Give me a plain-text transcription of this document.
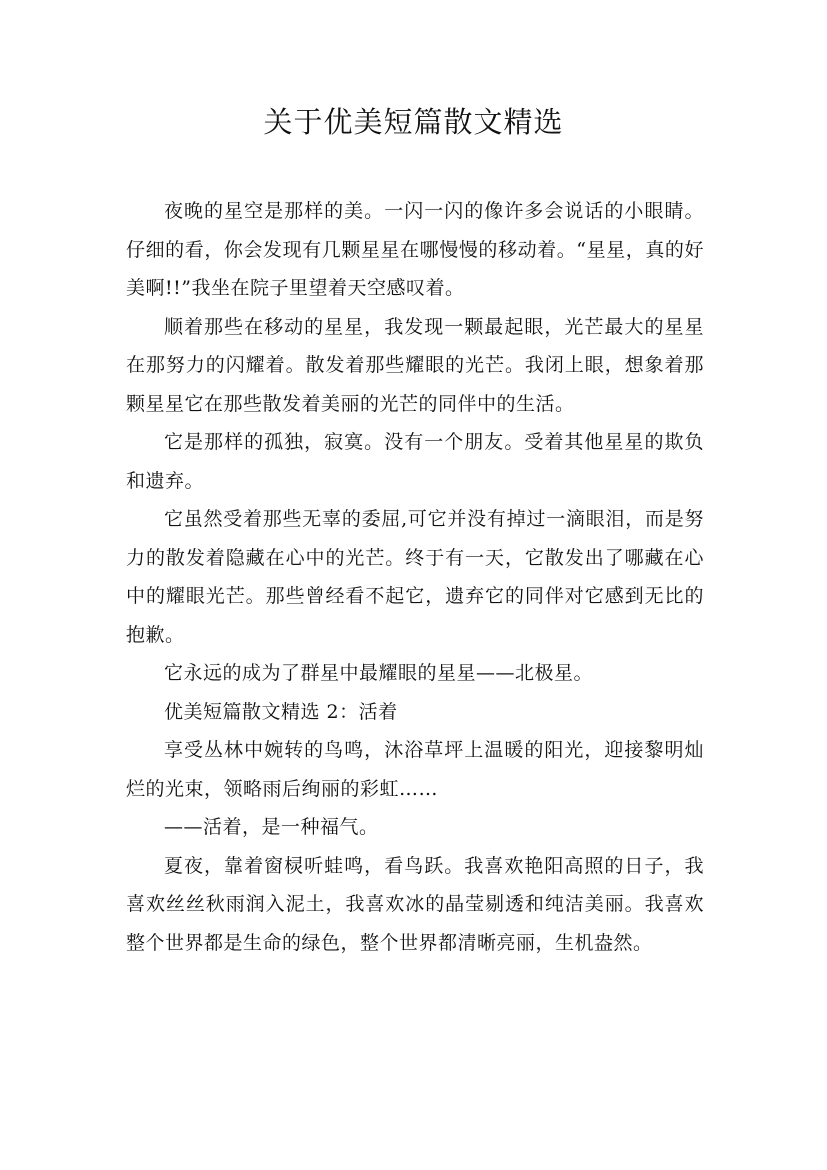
关于优美短篇散文精选

夜晚的星空是那样的美。一闪一闪的像许多会说话的小眼睛。仔细的看，你会发现有几颗星星在哪慢慢的移动着。“星星，真的好美啊!!”我坐在院子里望着天空感叹着。

顺着那些在移动的星星，我发现一颗最起眼，光芒最大的星星在那努力的闪耀着。散发着那些耀眼的光芒。我闭上眼，想象着那颗星星它在那些散发着美丽的光芒的同伴中的生活。

它是那样的孤独，寂寞。没有一个朋友。受着其他星星的欺负和遗弃。

它虽然受着那些无辜的委屈,可它并没有掉过一滴眼泪，而是努力的散发着隐藏在心中的光芒。终于有一天，它散发出了哪藏在心中的耀眼光芒。那些曾经看不起它，遗弃它的同伴对它感到无比的抱歉。

它永远的成为了群星中最耀眼的星星——北极星。

优美短篇散文精选 2：活着

享受丛林中婉转的鸟鸣，沐浴草坪上温暖的阳光，迎接黎明灿烂的光束，领略雨后绚丽的彩虹……

——活着，是一种福气。

夏夜，靠着窗棂听蛙鸣，看鸟跃。我喜欢艳阳高照的日子，我喜欢丝丝秋雨润入泥土，我喜欢冰的晶莹剔透和纯洁美丽。我喜欢整个世界都是生命的绿色，整个世界都清晰亮丽，生机盎然。
